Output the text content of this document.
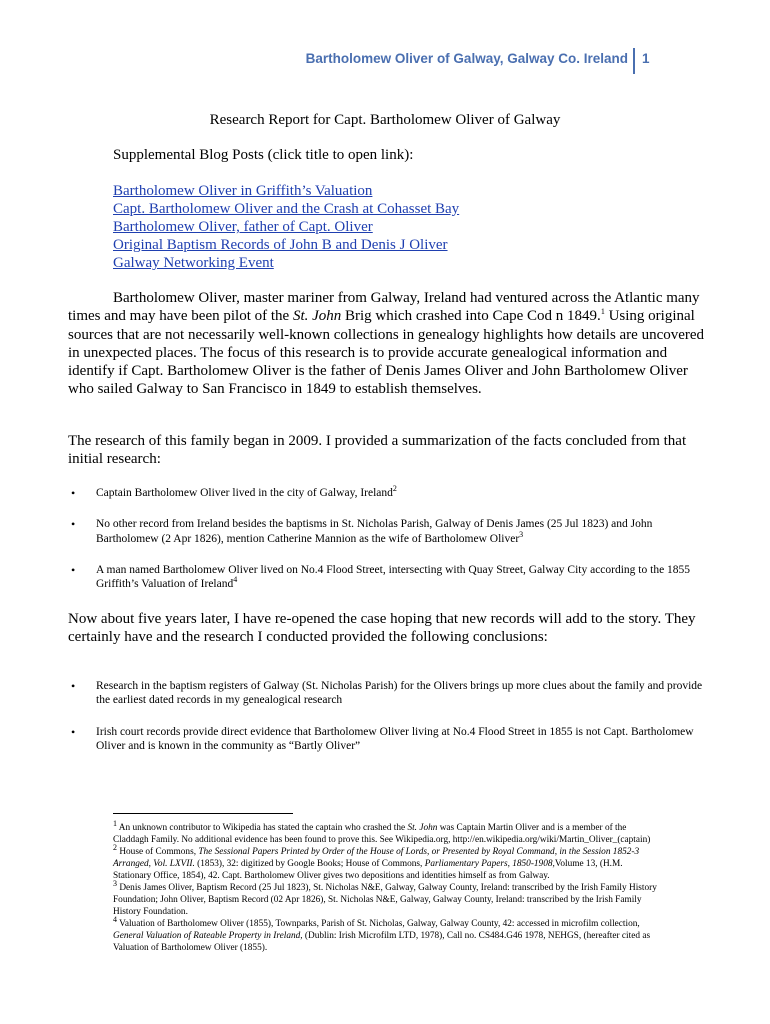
Bartholomew Oliver of Galway, Galway Co. Ireland 1
Research Report for Capt. Bartholomew Oliver of Galway
Supplemental Blog Posts (click title to open link):
Bartholomew Oliver in Griffith’s Valuation
Capt. Bartholomew Oliver and the Crash at Cohasset Bay
Bartholomew Oliver, father of Capt. Oliver
Original Baptism Records of John B and Denis J Oliver
Galway Networking Event

Bartholomew Oliver, master mariner from Galway, Ireland had ventured across the Atlantic many times and may have been pilot of the St. John Brig which crashed into Cape Cod n 1849.$^1$ Using original sources that are not necessarily well-known collections in genealogy highlights how details are uncovered in unexpected places. The focus of this research is to provide accurate genealogical information and identify if Capt. Bartholomew Oliver is the father of Denis James Oliver and John Bartholomew Oliver who sailed Galway to San Francisco in 1849 to establish themselves.

The research of this family began in 2009. I provided a summarization of the facts concluded from that initial research:

• Captain Bartholomew Oliver lived in the city of Galway, Ireland$^2$
• No other record from Ireland besides the baptisms in St. Nicholas Parish, Galway of Denis James (25 Jul 1823) and John Bartholomew (2 Apr 1826), mention Catherine Mannion as the wife of Bartholomew Oliver$^3$
• A man named Bartholomew Oliver lived on No.4 Flood Street, intersecting with Quay Street, Galway City according to the 1855 Griffith’s Valuation of Ireland$^4$

Now about five years later, I have re-opened the case hoping that new records will add to the story. They certainly have and the research I conducted provided the following conclusions:

• Research in the baptism registers of Galway (St. Nicholas Parish) for the Olivers brings up more clues about the family and provide the earliest dated records in my genealogical research
• Irish court records provide direct evidence that Bartholomew Oliver living at No.4 Flood Street in 1855 is not Capt. Bartholomew Oliver and is known in the community as “Bartly Oliver”

$^1$ An unknown contributor to Wikipedia has stated the captain who crashed the St. John was Captain Martin Oliver and is a member of the Claddagh Family. No additional evidence has been found to prove this. See Wikipedia.org, http://en.wikipedia.org/wiki/Martin_Oliver_(captain)

$^2$ House of Commons, The Sessional Papers Printed by Order of the House of Lords, or Presented by Royal Command, in the Session 1852-3 Arranged, Vol. LXVII. (1853), 32: digitized by Google Books; House of Commons, Parliamentary Papers, 1850-1908,Volume 13, (H.M. Stationary Office, 1854), 42. Capt. Bartholomew Oliver gives two depositions and identities himself as from Galway.

$^3$ Denis James Oliver, Baptism Record (25 Jul 1823), St. Nicholas N&E, Galway, Galway County, Ireland: transcribed by the Irish Family History Foundation; John Oliver, Baptism Record (02 Apr 1826), St. Nicholas N&E, Galway, Galway County, Ireland: transcribed by the Irish Family History Foundation.

$^4$ Valuation of Bartholomew Oliver (1855), Townparks, Parish of St. Nicholas, Galway, Galway County, 42: accessed in microfilm collection, General Valuation of Rateable Property in Ireland, (Dublin: Irish Microfilm LTD, 1978), Call no. CS484.G46 1978, NEHGS, (hereafter cited as Valuation of Bartholomew Oliver (1855).
